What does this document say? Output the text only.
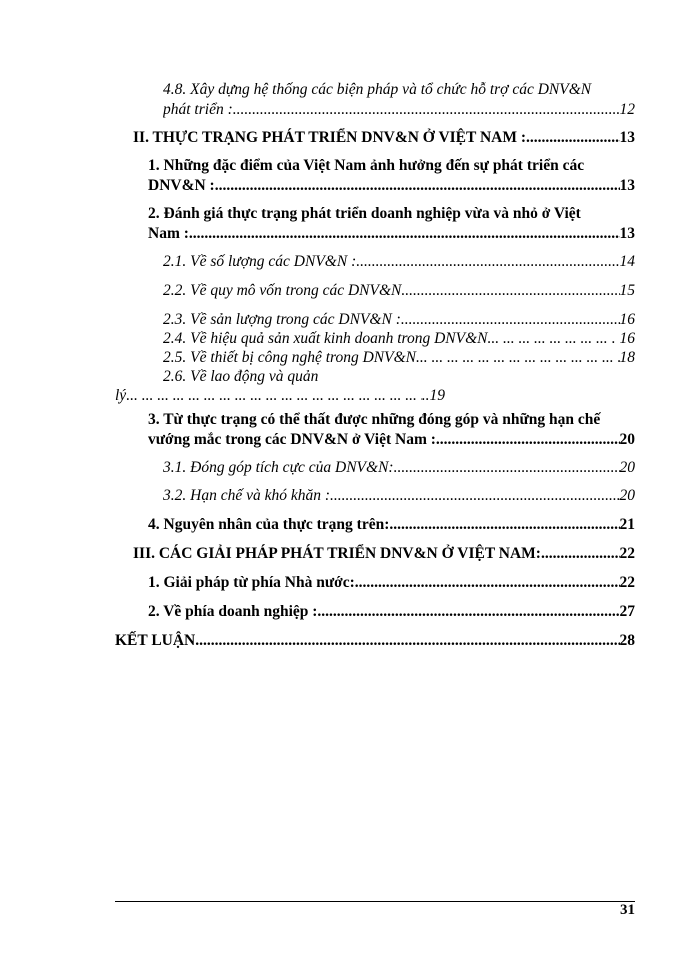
4.8. Xây dựng hệ thống các biện pháp và tổ chức hỗ trợ các DNV&N
phát triển : .....	12
II. THỰC TRẠNG PHÁT TRIỂN DNV&N Ở VIỆT NAM : .....	13
1. Những đặc điểm của Việt Nam ảnh hưởng đến sự phát triển các
DNV&N : .....	13
2. Đánh giá thực trạng phát triển doanh nghiệp vừa và nhỏ ở Việt
Nam : .....	13
2.1. Về số lượng các DNV&N : .....	14
2.2. Về quy mô vốn trong các DNV&N .....	15
2.3. Về sản lượng trong các DNV&N : .....	16
2.4. Về hiệu quả sản xuất kinh doanh trong DNV&N ... .	. 16
2.5. Về thiết bị công nghệ trong DNV&N ... .	18
2.6. Về lao động và quản
lý ... .	..19
3. Từ thực trạng có thể thất được những đóng góp và những hạn chế
vướng mắc trong các DNV&N ở Việt Nam : .....	20
3.1. Đóng góp tích cực của DNV&N: .....	20
3.2. Hạn chế và khó khăn : .....	20
4. Nguyên nhân của thực trạng trên: .....	21
III. CÁC GIẢI PHÁP PHÁT TRIỂN DNV&N Ở VIỆT NAM: .....	22
1. Giải pháp từ phía Nhà nước: .....	22
2. Về phía doanh nghiệp : .....	27
KẾT LUẬN .....	28
31
